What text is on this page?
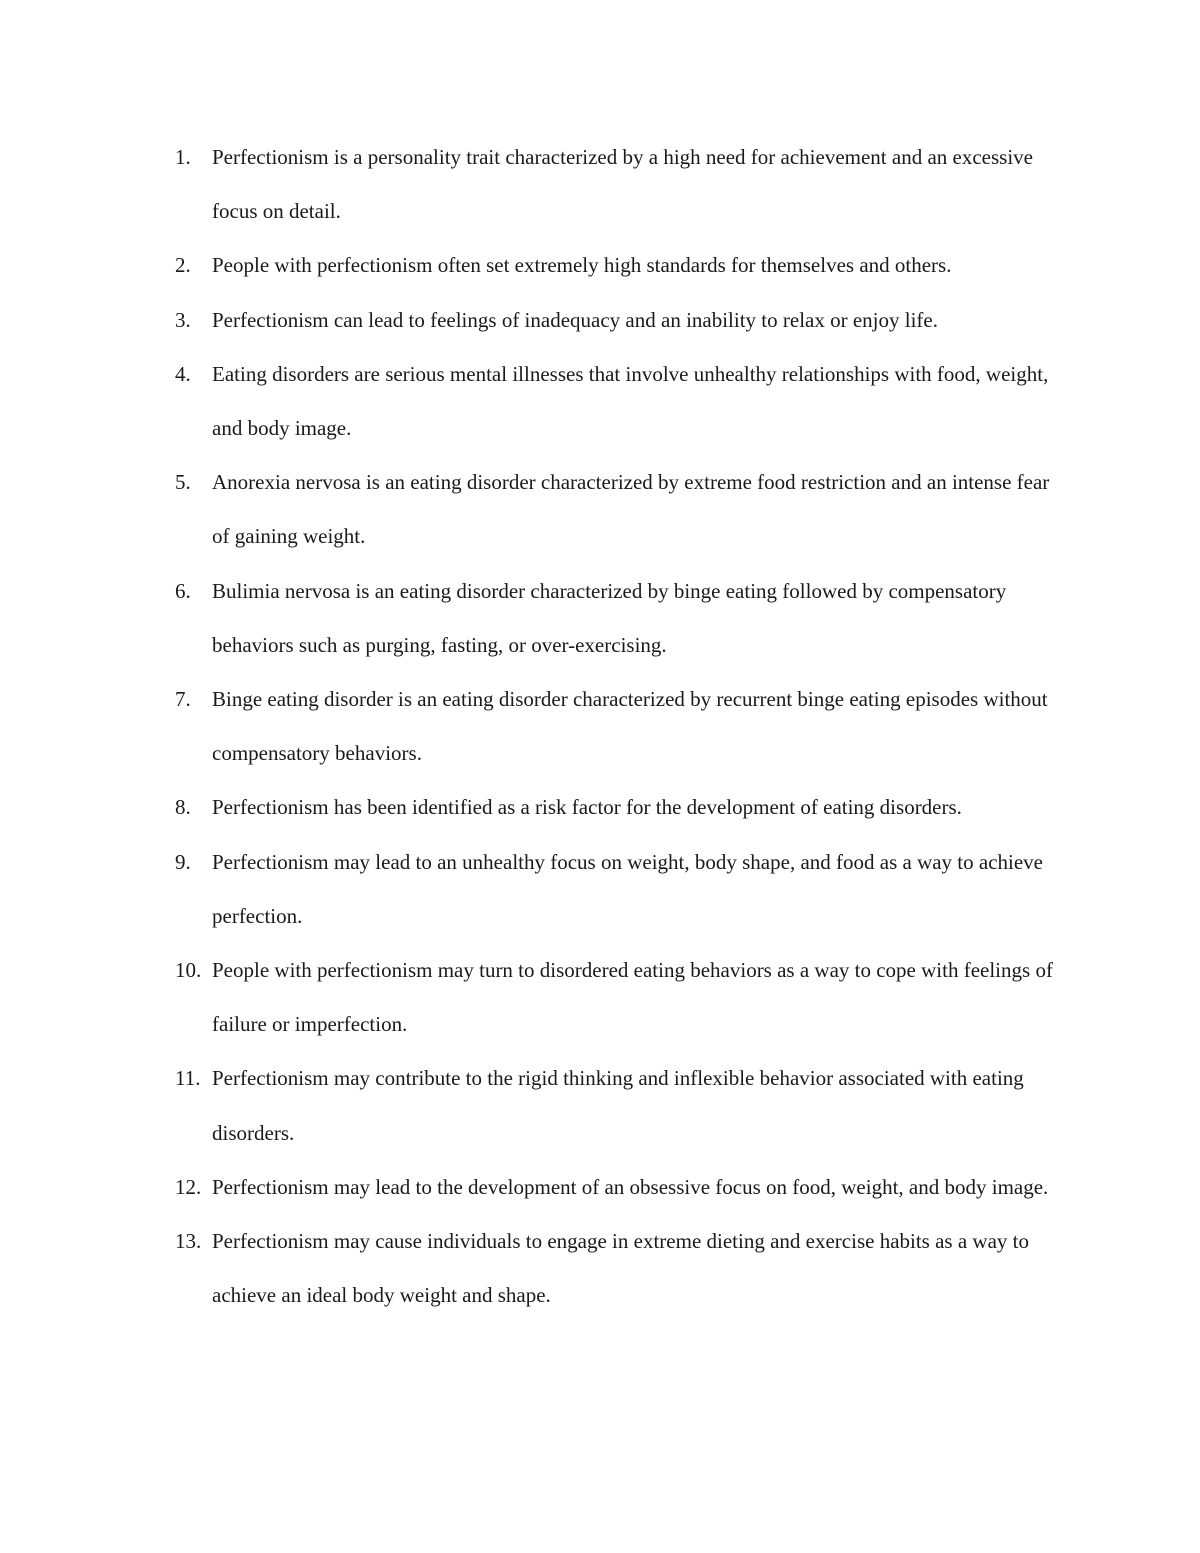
1. Perfectionism is a personality trait characterized by a high need for achievement and an excessive focus on detail.
2. People with perfectionism often set extremely high standards for themselves and others.
3. Perfectionism can lead to feelings of inadequacy and an inability to relax or enjoy life.
4. Eating disorders are serious mental illnesses that involve unhealthy relationships with food, weight, and body image.
5. Anorexia nervosa is an eating disorder characterized by extreme food restriction and an intense fear of gaining weight.
6. Bulimia nervosa is an eating disorder characterized by binge eating followed by compensatory behaviors such as purging, fasting, or over-exercising.
7. Binge eating disorder is an eating disorder characterized by recurrent binge eating episodes without compensatory behaviors.
8. Perfectionism has been identified as a risk factor for the development of eating disorders.
9. Perfectionism may lead to an unhealthy focus on weight, body shape, and food as a way to achieve perfection.
10. People with perfectionism may turn to disordered eating behaviors as a way to cope with feelings of failure or imperfection.
11. Perfectionism may contribute to the rigid thinking and inflexible behavior associated with eating disorders.
12. Perfectionism may lead to the development of an obsessive focus on food, weight, and body image.
13. Perfectionism may cause individuals to engage in extreme dieting and exercise habits as a way to achieve an ideal body weight and shape.
